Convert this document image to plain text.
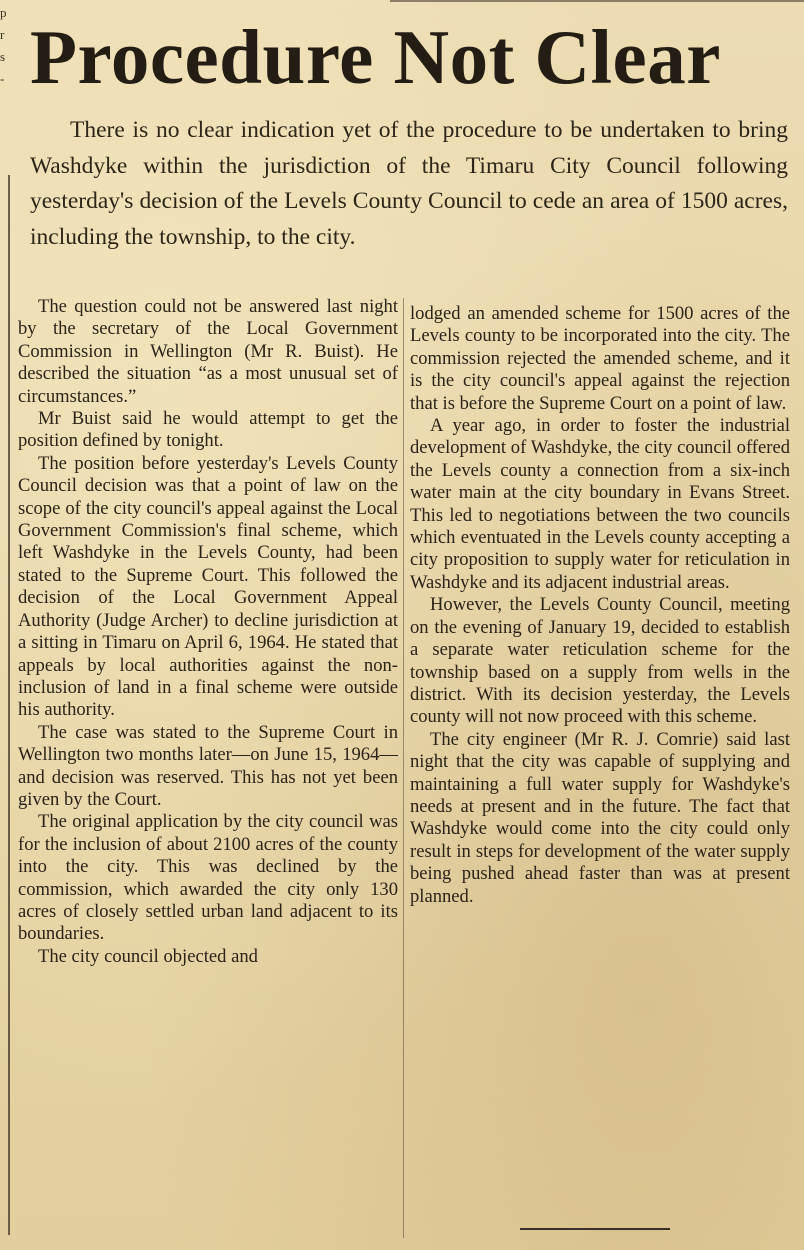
p
r
s
- Procedure Not Clear

There is no clear indication yet of the procedure to be undertaken to bring Washdyke within the jurisdiction of the Timaru City Council following yesterday's decision of the Levels County Council to cede an area of 1500 acres, including the township, to the city.

The question could not be answered last night by the secretary of the Local Government Commission in Wellington (Mr R. Buist). He described the situation “as a most unusual set of circumstances.”

Mr Buist said he would attempt to get the position defined by tonight.

The position before yesterday's Levels County Council decision was that a point of law on the scope of the city council's appeal against the Local Government Commission's final scheme, which left Washdyke in the Levels County, had been stated to the Supreme Court. This followed the decision of the Local Government Appeal Authority (Judge Archer) to decline jurisdiction at a sitting in Timaru on April 6, 1964. He stated that appeals by local authorities against the non-inclusion of land in a final scheme were outside his authority.

The case was stated to the Supreme Court in Wellington two months later—on June 15, 1964—and decision was reserved. This has not yet been given by the Court.

The original application by the city council was for the inclusion of about 2100 acres of the county into the city. This was declined by the commission, which awarded the city only 130 acres of closely settled urban land adjacent to its boundaries.

The city council objected and

lodged an amended scheme for 1500 acres of the Levels county to be incorporated into the city. The commission rejected the amended scheme, and it is the city council's appeal against the rejection that is before the Supreme Court on a point of law.

A year ago, in order to foster the industrial development of Washdyke, the city council offered the Levels county a connection from a six-inch water main at the city boundary in Evans Street. This led to negotiations between the two councils which eventuated in the Levels county accepting a city proposition to supply water for reticulation in Washdyke and its adjacent industrial areas.

However, the Levels County Council, meeting on the evening of January 19, decided to establish a separate water reticulation scheme for the township based on a supply from wells in the district. With its decision yesterday, the Levels county will not now proceed with this scheme.

The city engineer (Mr R. J. Comrie) said last night that the city was capable of supplying and maintaining a full water supply for Washdyke's needs at present and in the future. The fact that Washdyke would come into the city could only result in steps for development of the water supply being pushed ahead faster than was at present planned.
